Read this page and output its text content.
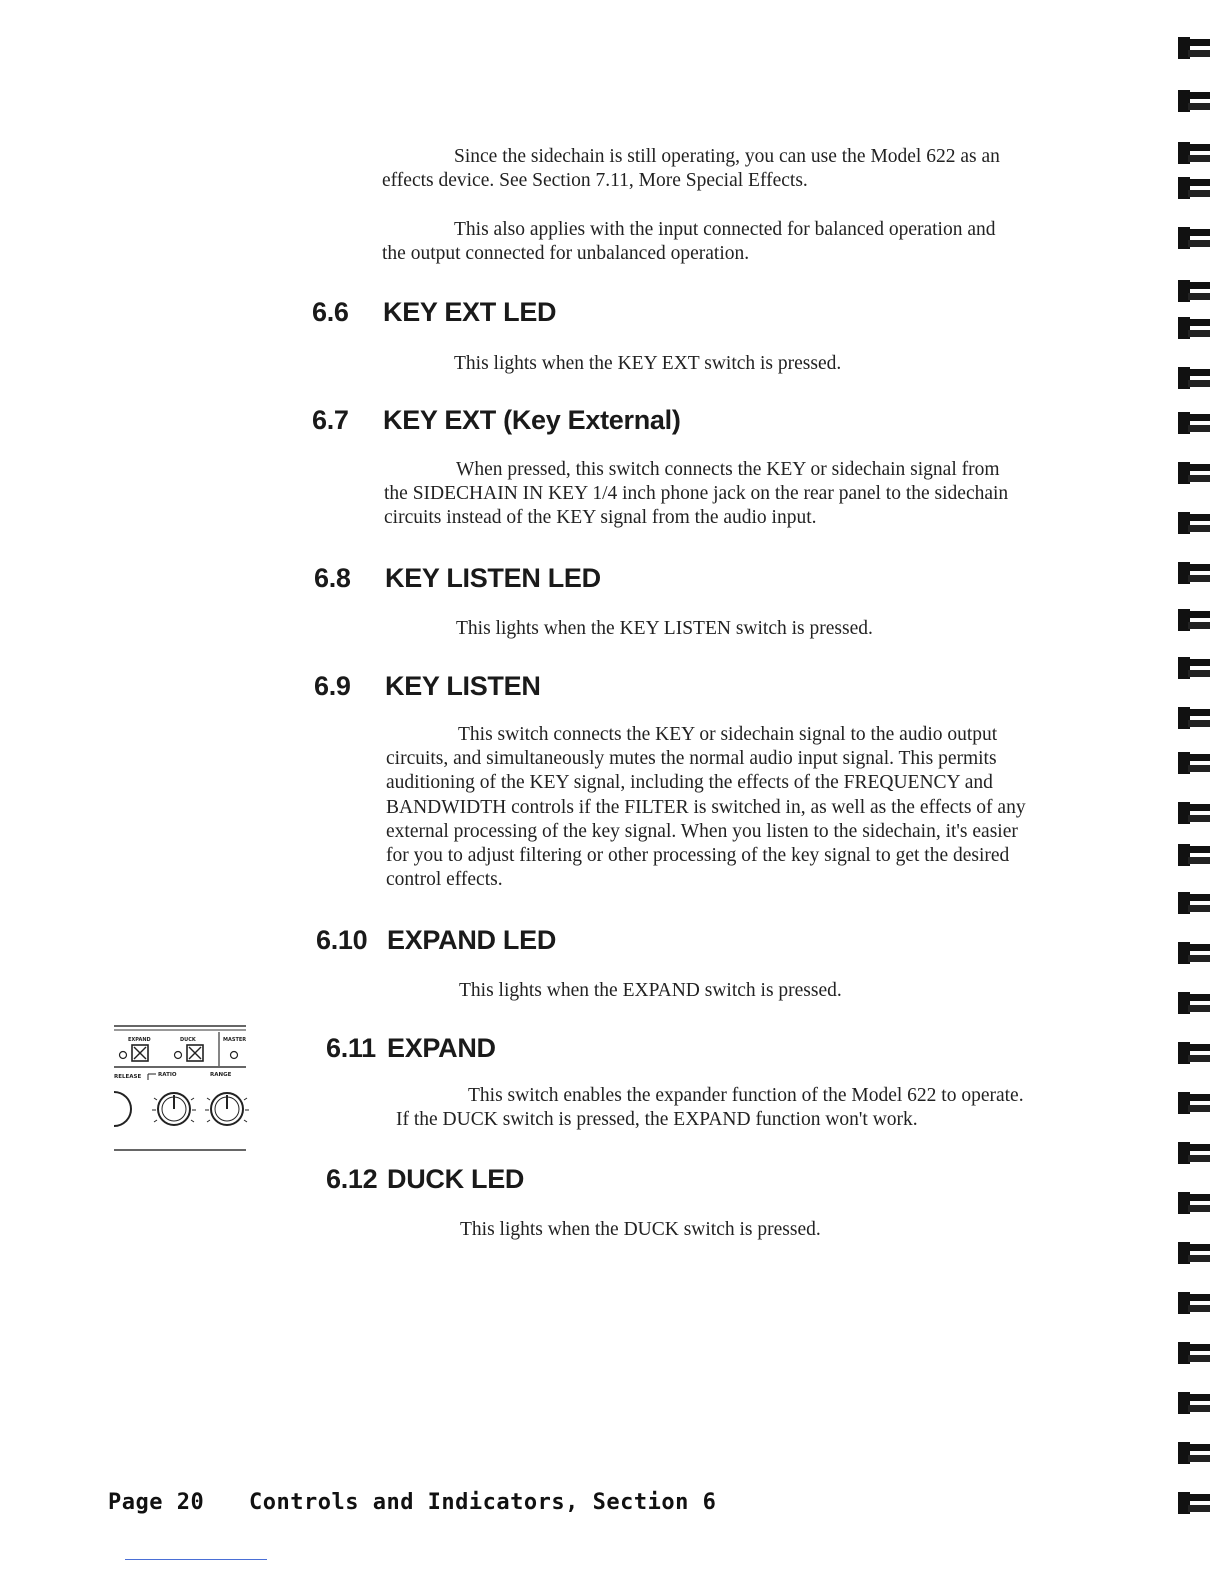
Since the sidechain is still operating, you can use the Model 622 as an
effects device. See Section 7.11, More Special Effects.

This also applies with the input connected for balanced operation and
the output connected for unbalanced operation.

6.6 KEY EXT LED

This lights when the KEY EXT switch is pressed.

6.7 KEY EXT (Key External)

When pressed, this switch connects the KEY or sidechain signal from
the SIDECHAIN IN KEY 1/4 inch phone jack on the rear panel to the sidechain
circuits instead of the KEY signal from the audio input.

6.8 KEY LISTEN LED

This lights when the KEY LISTEN switch is pressed.

6.9 KEY LISTEN

This switch connects the KEY or sidechain signal to the audio output
circuits, and simultaneously mutes the normal audio input signal. This permits
auditioning of the KEY signal, including the effects of the FREQUENCY and
BANDWIDTH controls if the FILTER is switched in, as well as the effects of any
external processing of the key signal. When you listen to the sidechain, it's easier
for you to adjust filtering or other processing of the key signal to get the desired
control effects.

6.10 EXPAND LED

This lights when the EXPAND switch is pressed.

6.11 EXPAND

This switch enables the expander function of the Model 622 to operate.
If the DUCK switch is pressed, the EXPAND function won't work.

6.12 DUCK LED

This lights when the DUCK switch is pressed.

EXPAND	DUCK	MASTER
RELEASE	RATIO	RANGE
Page 20 Controls and Indicators, Section 6
